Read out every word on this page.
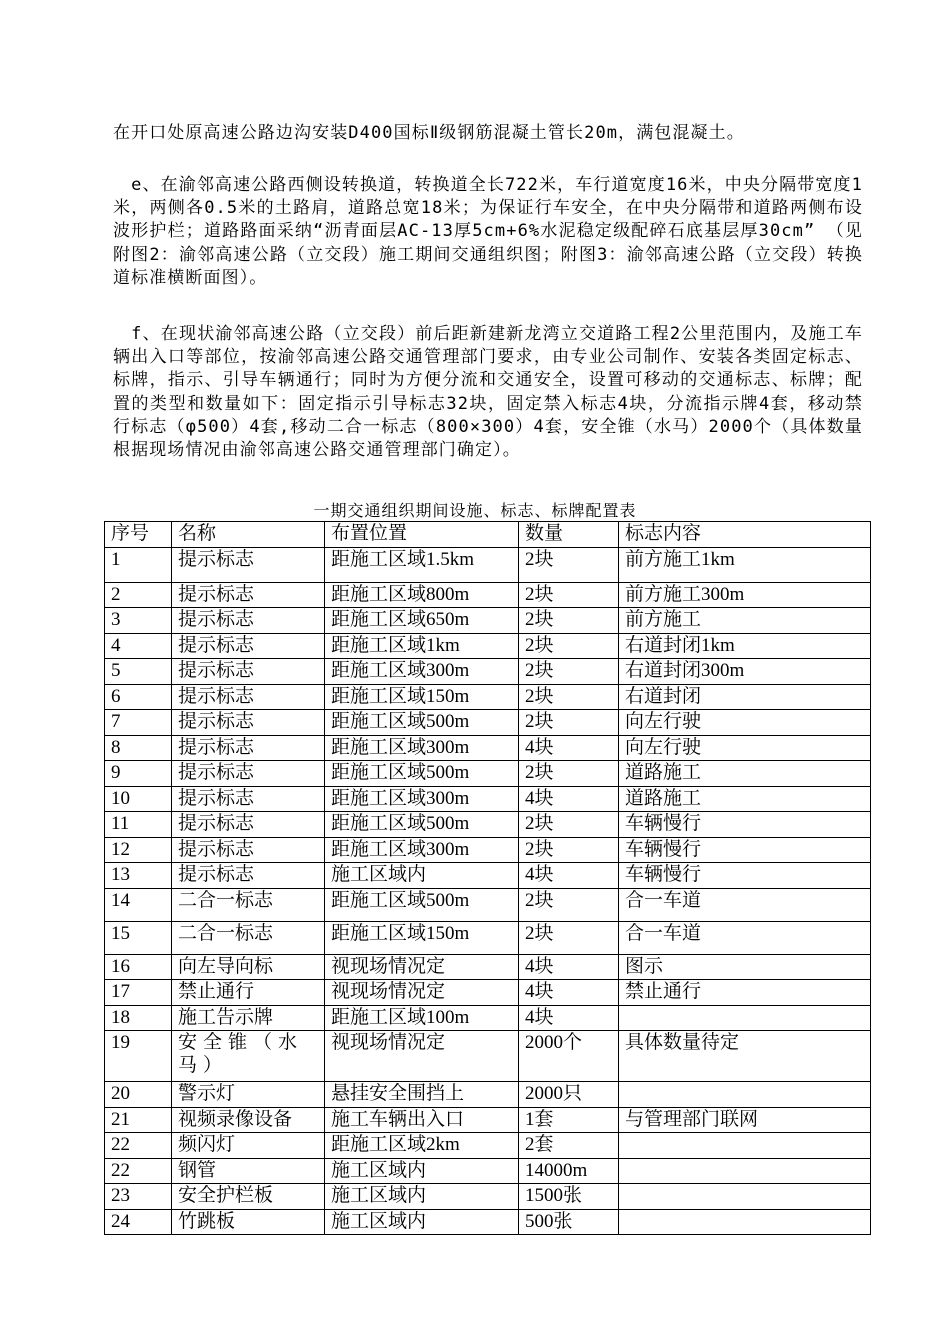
在开口处原高速公路边沟安装D400国标Ⅱ级钢筋混凝土管长20m，满包混凝土。

　e、在渝邻高速公路西侧设转换道，转换道全长722米，车行道宽度16米，中央分隔带宽度1米，两侧各0.5米的土路肩，道路总宽18米；为保证行车安全，在中央分隔带和道路两侧布设波形护栏；道路路面采纳“沥青面层AC-13厚5cm+6%水泥稳定级配碎石底基层厚30cm” （见附图2：渝邻高速公路（立交段）施工期间交通组织图；附图3：渝邻高速公路（立交段）转换道标准横断面图）。

　f、在现状渝邻高速公路（立交段）前后距新建新龙湾立交道路工程2公里范围内，及施工车辆出入口等部位，按渝邻高速公路交通管理部门要求，由专业公司制作、安装各类固定标志、标牌，指示、引导车辆通行；同时为方便分流和交通安全，设置可移动的交通标志、标牌；配置的类型和数量如下：固定指示引导标志32块，固定禁入标志4块，分流指示牌4套，移动禁行标志（φ500）4套,移动二合一标志（800×300）4套，安全锥（水马）2000个（具体数量根据现场情况由渝邻高速公路交通管理部门确定）。

一期交通组织期间设施、标志、标牌配置表
序号	名称	布置位置	数量	标志内容
1	提示标志	距施工区域1.5km	2块	前方施工1km
2	提示标志	距施工区域800m	2块	前方施工300m
3	提示标志	距施工区域650m	2块	前方施工
4	提示标志	距施工区域1km	2块	右道封闭1km
5	提示标志	距施工区域300m	2块	右道封闭300m
6	提示标志	距施工区域150m	2块	右道封闭
7	提示标志	距施工区域500m	2块	向左行驶
8	提示标志	距施工区域300m	4块	向左行驶
9	提示标志	距施工区域500m	2块	道路施工
10	提示标志	距施工区域300m	4块	道路施工
11	提示标志	距施工区域500m	2块	车辆慢行
12	提示标志	距施工区域300m	2块	车辆慢行
13	提示标志	施工区域内	4块	车辆慢行
14	二合一标志	距施工区域500m	2块	合一车道
15	二合一标志	距施工区域150m	2块	合一车道
16	向左导向标	视现场情况定	4块	图示
17	禁止通行	视现场情况定	4块	禁止通行
18	施工告示牌	距施工区域100m	4块	
19	安全锥（水马）	视现场情况定	2000个	具体数量待定
20	警示灯	悬挂安全围挡上	2000只	
21	视频录像设备	施工车辆出入口	1套	与管理部门联网
22	频闪灯	距施工区域2km	2套	
22	钢管	施工区域内	14000m	
23	安全护栏板	施工区域内	1500张	
24	竹跳板	施工区域内	500张	
